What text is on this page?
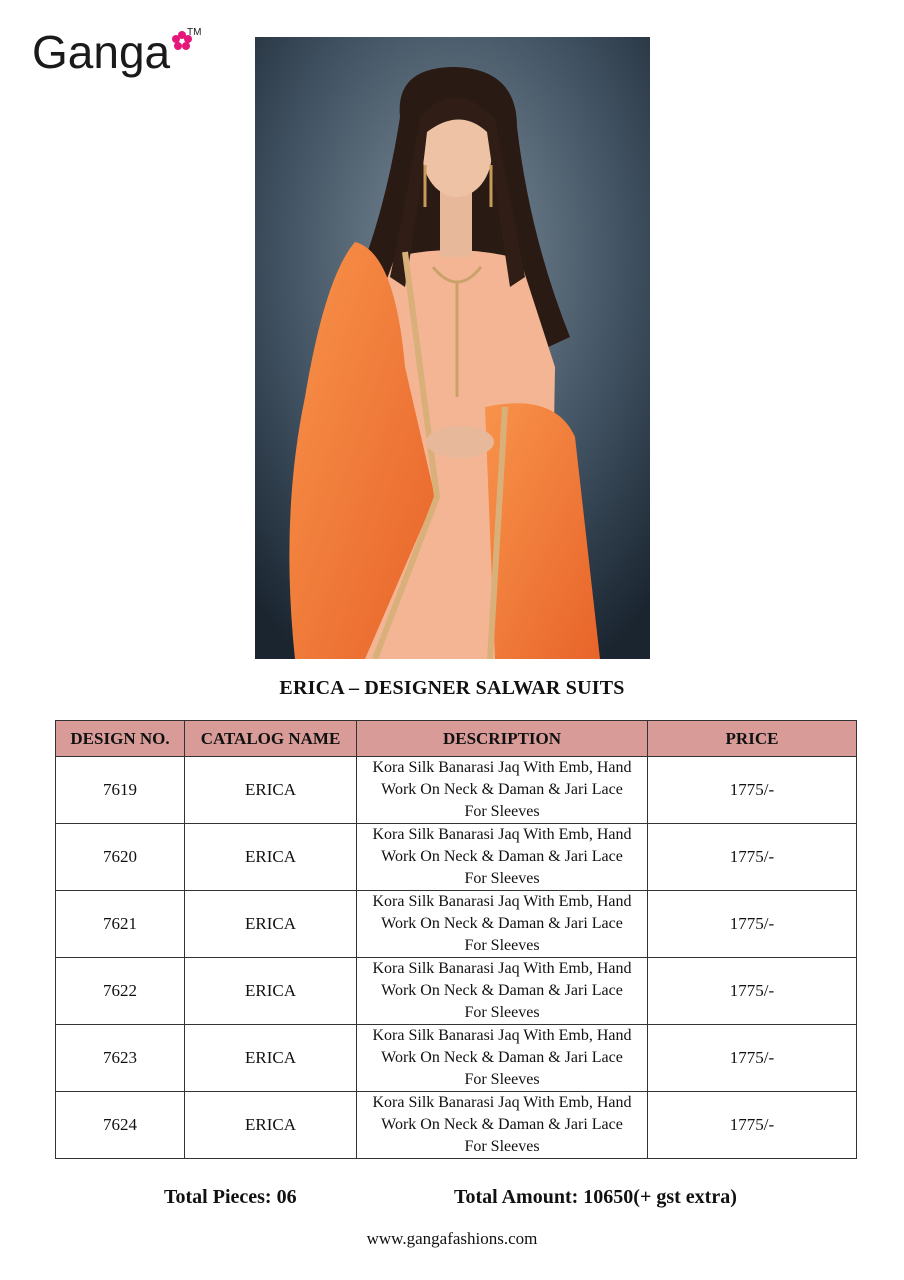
Ganga TM
ERICA – DESIGNER SALWAR SUITS
DESIGN NO.	CATALOG NAME	DESCRIPTION	PRICE
7619	ERICA	Kora Silk Banarasi Jaq With Emb, Hand
Work On Neck & Daman & Jari Lace
For Sleeves	1775/-
7620	ERICA	Kora Silk Banarasi Jaq With Emb, Hand
Work On Neck & Daman & Jari Lace
For Sleeves	1775/-
7621	ERICA	Kora Silk Banarasi Jaq With Emb, Hand
Work On Neck & Daman & Jari Lace
For Sleeves	1775/-
7622	ERICA	Kora Silk Banarasi Jaq With Emb, Hand
Work On Neck & Daman & Jari Lace
For Sleeves	1775/-
7623	ERICA	Kora Silk Banarasi Jaq With Emb, Hand
Work On Neck & Daman & Jari Lace
For Sleeves	1775/-
7624	ERICA	Kora Silk Banarasi Jaq With Emb, Hand
Work On Neck & Daman & Jari Lace
For Sleeves	1775/-
Total Pieces: 06	Total Amount: 10650(+ gst extra)
www.gangafashions.com
